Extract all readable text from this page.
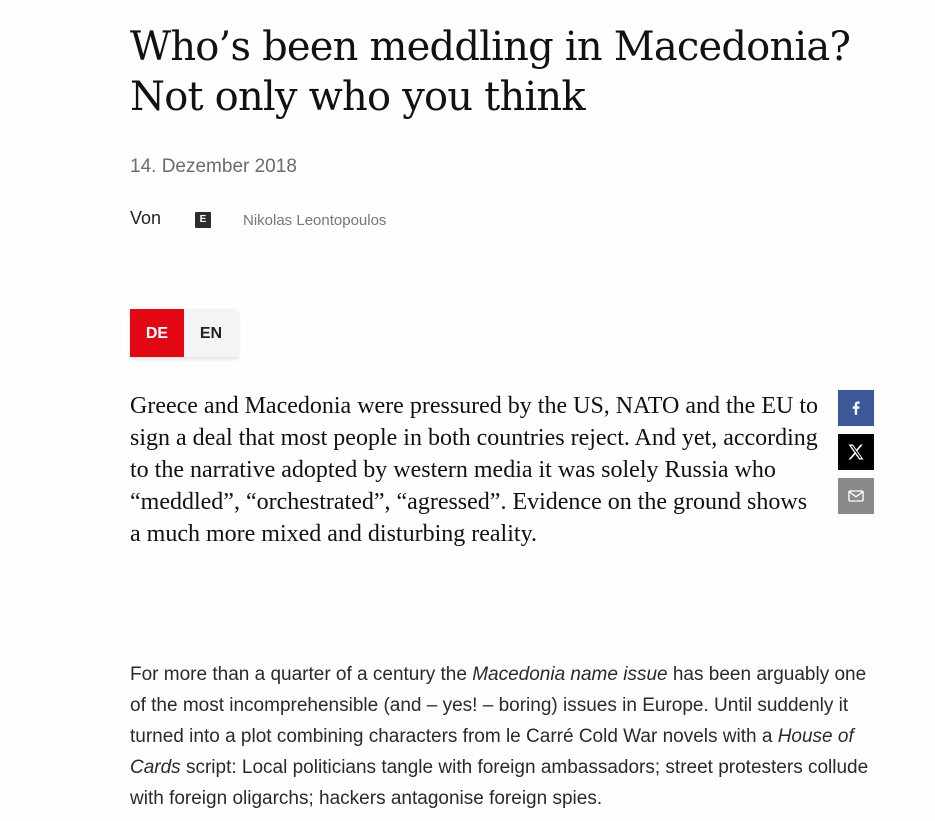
Who’s been meddling in Macedonia? Not only who you think
14. Dezember 2018
Von	E	Nikolas Leontopoulos
DE	EN

Greece and Macedonia were pressured by the US, NATO and the EU to sign a deal that most people in both countries reject. And yet, according to the narrative adopted by western media it was solely Russia who “meddled”, “orchestrated”, “agressed”. Evidence on the ground shows a much more mixed and disturbing reality.

For more than a quarter of a century the Macedonia name issue has been arguably one of the most incomprehensible (and – yes! – boring) issues in Europe. Until suddenly it turned into a plot combining characters from le Carré Cold War novels with a House of Cards script: Local politicians tangle with foreign ambassadors; street protesters collude with foreign oligarchs; hackers antagonise foreign spies.
